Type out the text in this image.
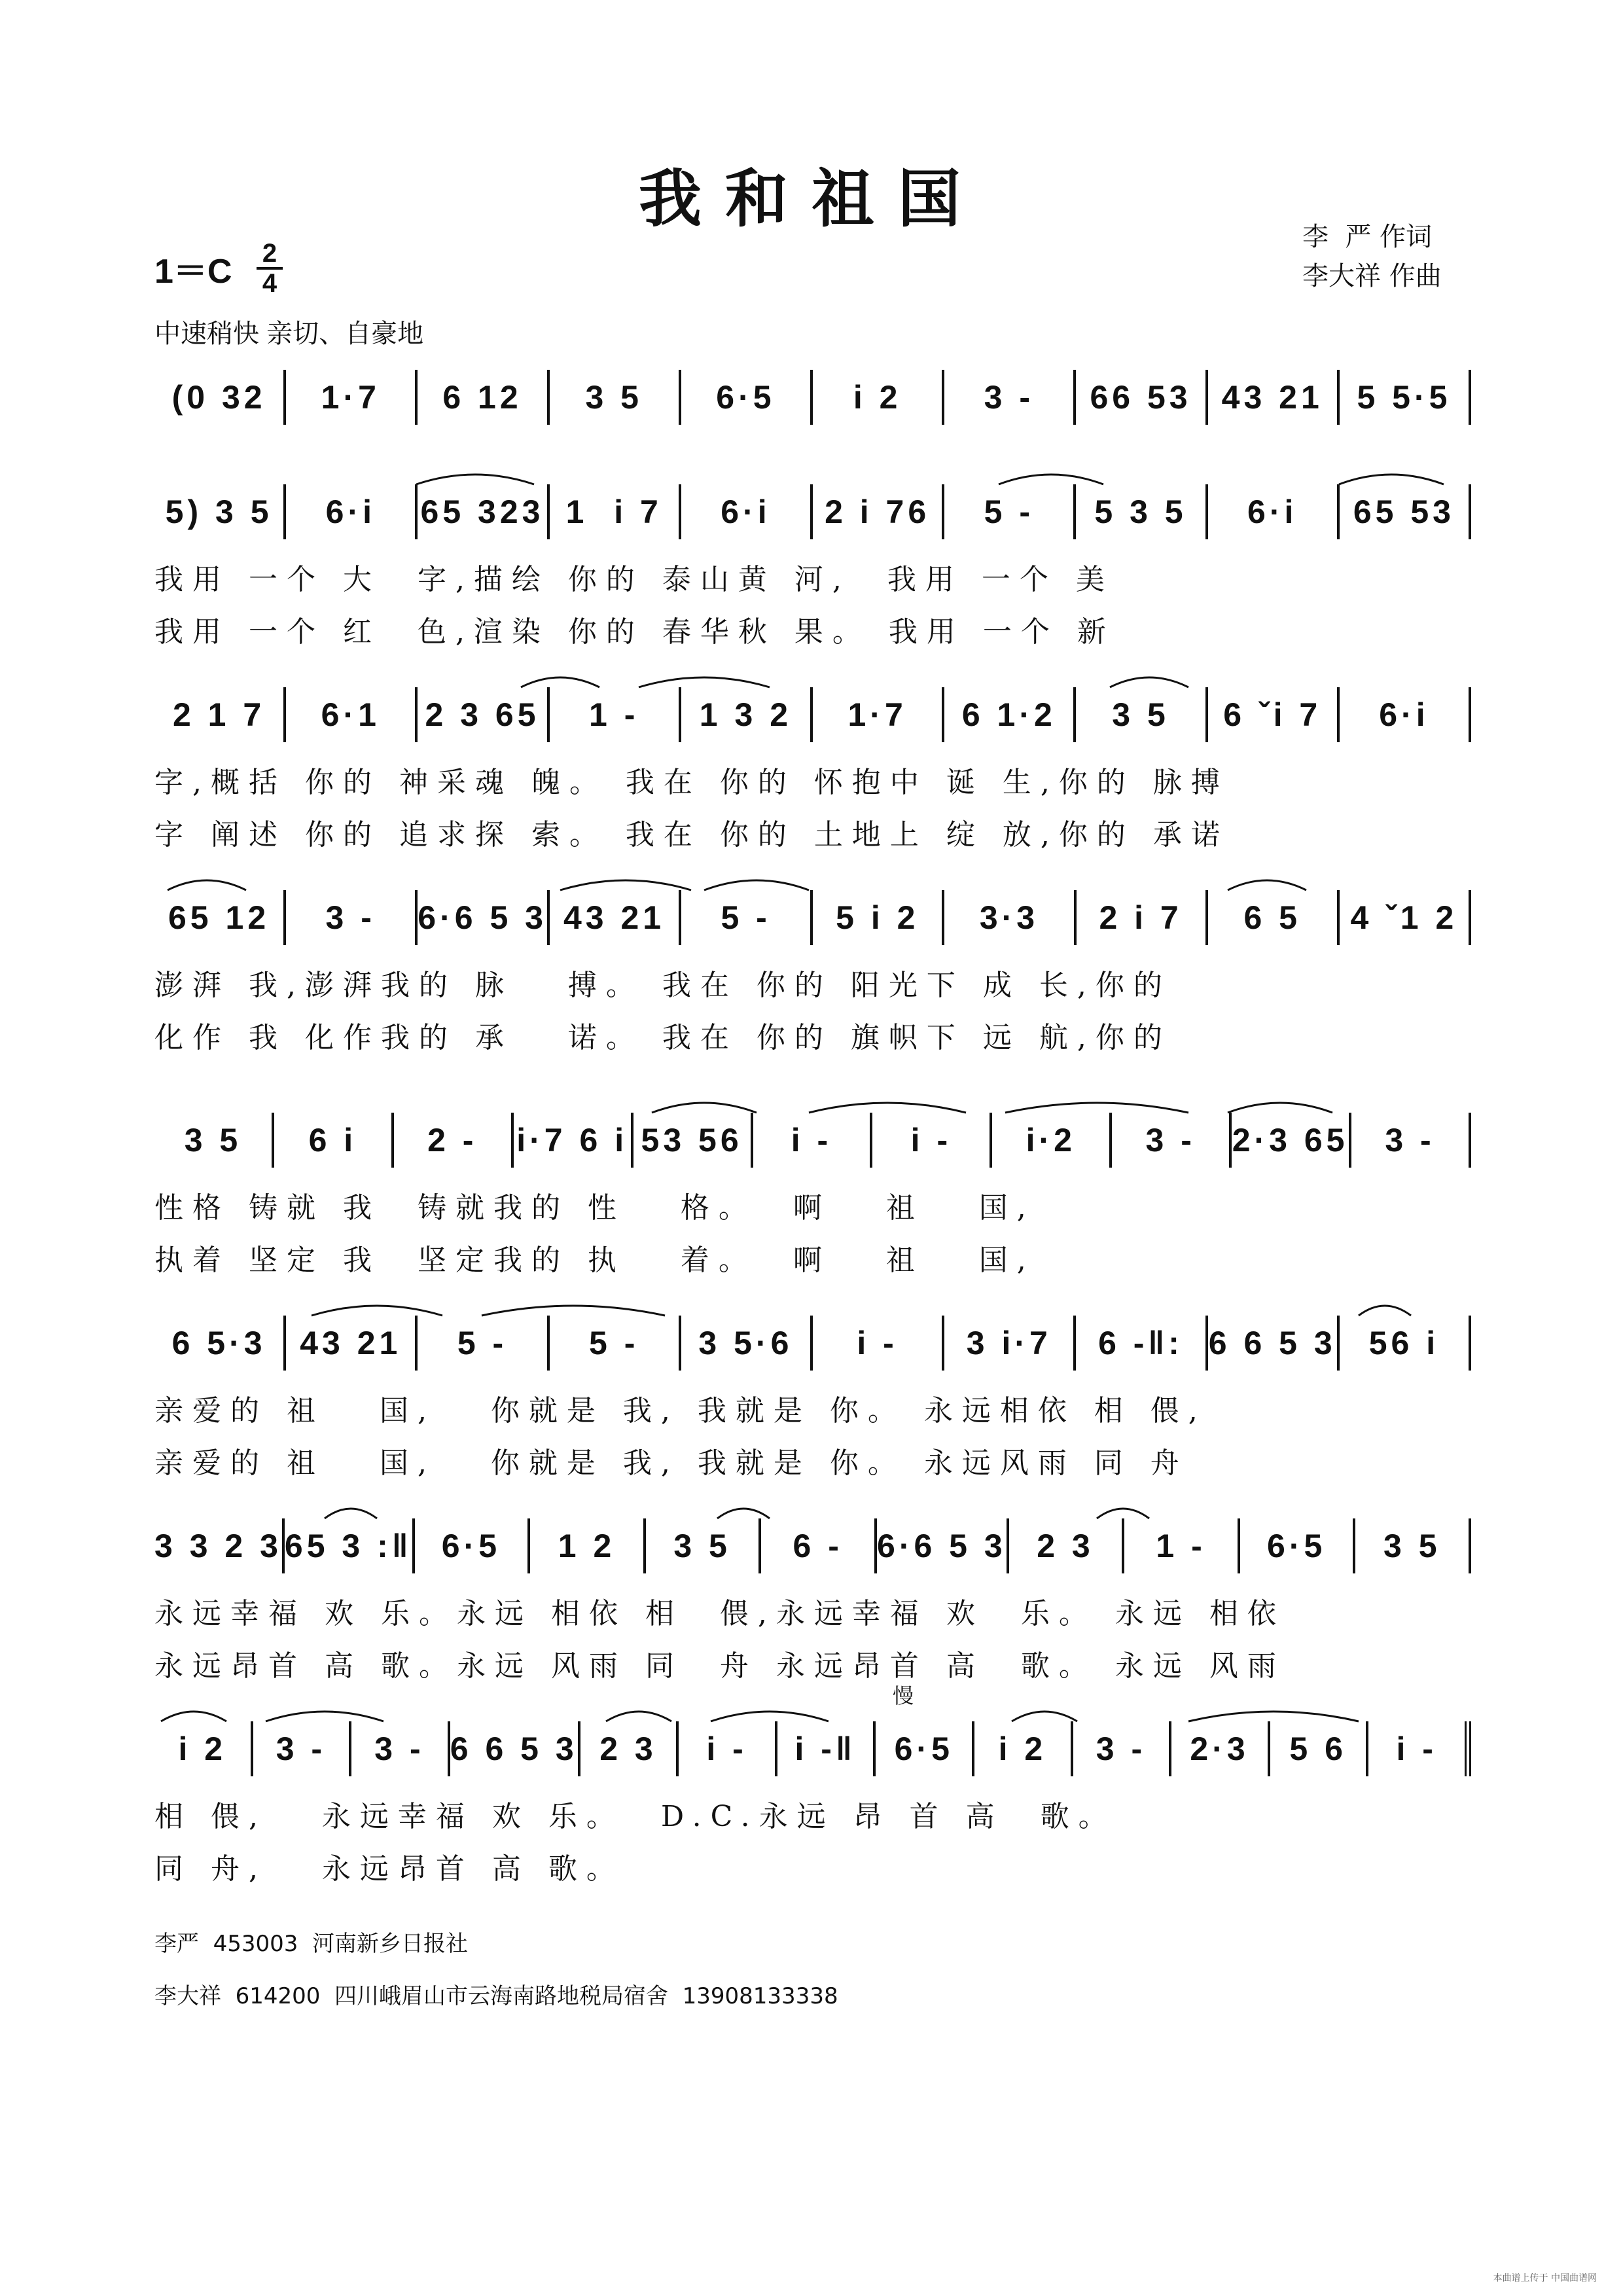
我和祖国
李  严 作词
李大祥 作曲
1＝C 2
4
中速稍快 亲切、自豪地
(0 32	1·7	6 12	3 5	6·5	i 2	3 -	66 53 43 21	5 5·5
5) 3 5	6·i	65 323 1  i 7	6·i	2 i 76	5 -	5 3 5	6·i	65 53
我用 一个 大  字,描绘 你的 泰山黄 河,  我用 一个 美
我用 一个 红  色,渲染 你的 春华秋 果。 我用 一个 新
2 1 7	6·1	2 3 65	1 -	1 3 2	1·7	6 1·2	3 5	6 ˇi 7	6·i
字,概括 你的 神采魂 魄。 我在 你的 怀抱中 诞 生,你的 脉搏
字 阐述 你的 追求探 索。 我在 你的 土地上 绽 放,你的 承诺
65 12	3 -	6·6 5 3 43 21	5 -	5 i 2	3·3	2 i 7	6 5	4 ˇ1 2
澎湃 我,澎湃我的 脉   搏。 我在 你的 阳光下 成 长,你的
化作 我 化作我的 承   诺。 我在 你的 旗帜下 远 航,你的
3 5	6 i	2 -	i·7 6 i 53 56	i -	i -	i·2	3 -	2·3 65	3 -
性格 铸就 我  铸就我的 性   格。  啊   祖   国,
执着 坚定 我  坚定我的 执   着。  啊   祖   国,
6 5·3	43 21	5 -	5 -	3 5·6	i -	3 i·7	6 -‖: 6 6 5 3	56 i
亲爱的 祖   国,   你就是 我, 我就是 你。 永远相依 相 偎,
亲爱的 祖   国,   你就是 我, 我就是 你。 永远风雨 同 舟
3 3 2 3 65 3 :‖ 6·5	1 2	3 5	6 -	6·6 5 3 2 3	1 -	6·5	3 5
永远幸福 欢 乐。永远 相依 相  偎,永远幸福 欢  乐。 永远 相依
永远昂首 高 歌。永远 风雨 同  舟 永远昂首 高  歌。 永远 风雨
慢
i 2	3 -	3 - 6 6 5 3 2 3	i -	i -‖	6·5	i 2	3 -	2·3	5 6	i -
相 偎,   永远幸福 欢 乐。  D.C.永远 昂 首 高  歌。
同 舟,   永远昂首 高 歌。
李严  453003  河南新乡日报社
李大祥  614200  四川峨眉山市云海南路地税局宿舍  13908133338
本曲谱上传于 中国曲谱网
